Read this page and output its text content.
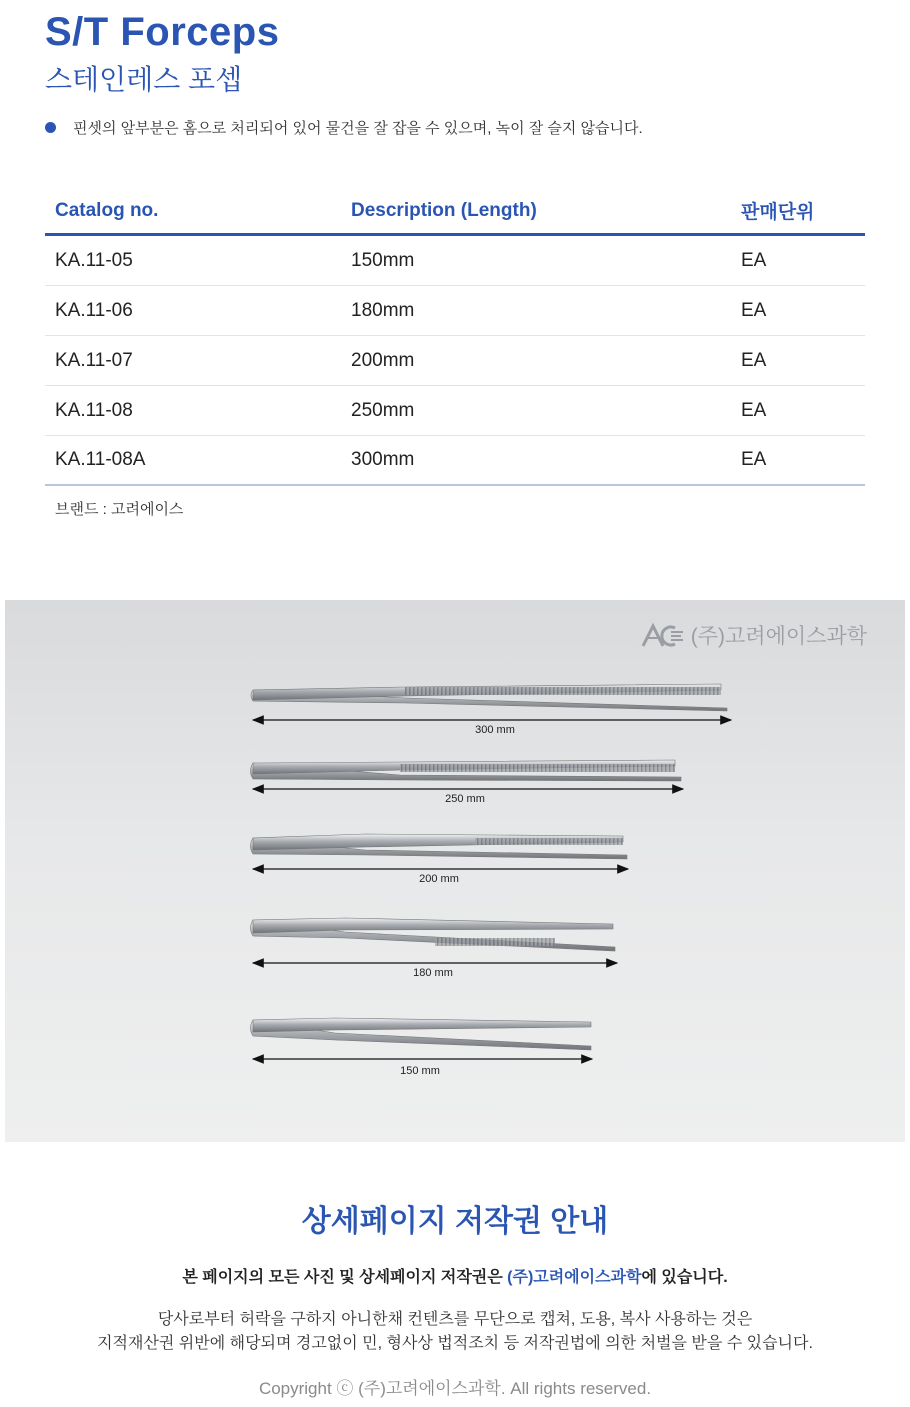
S/T Forceps
스테인레스 포셉
핀셋의 앞부분은 홈으로 처리되어 있어 물건을 잘 잡을 수 있으며, 녹이 잘 슬지 않습니다.
Catalog no.	Description (Length)	판매단위
KA.11-05	150mm	EA
KA.11-06	180mm	EA
KA.11-07	200mm	EA
KA.11-08	250mm	EA
KA.11-08A	300mm	EA
브랜드 : 고려에이스
(주)고려에이스과학
300 mm
250 mm
200 mm
180 mm
150 mm
상세페이지 저작권 안내
본 페이지의 모든 사진 및 상세페이지 저작권은 (주)고려에이스과학에 있습니다.
당사로부터 허락을 구하지 아니한채 컨텐츠를 무단으로 캡쳐, 도용, 복사 사용하는 것은
지적재산권 위반에 해당되며 경고없이 민, 형사상 법적조치 등 저작권법에 의한 처벌을 받을 수 있습니다.
Copyright ⓒ (주)고려에이스과학. All rights reserved.
